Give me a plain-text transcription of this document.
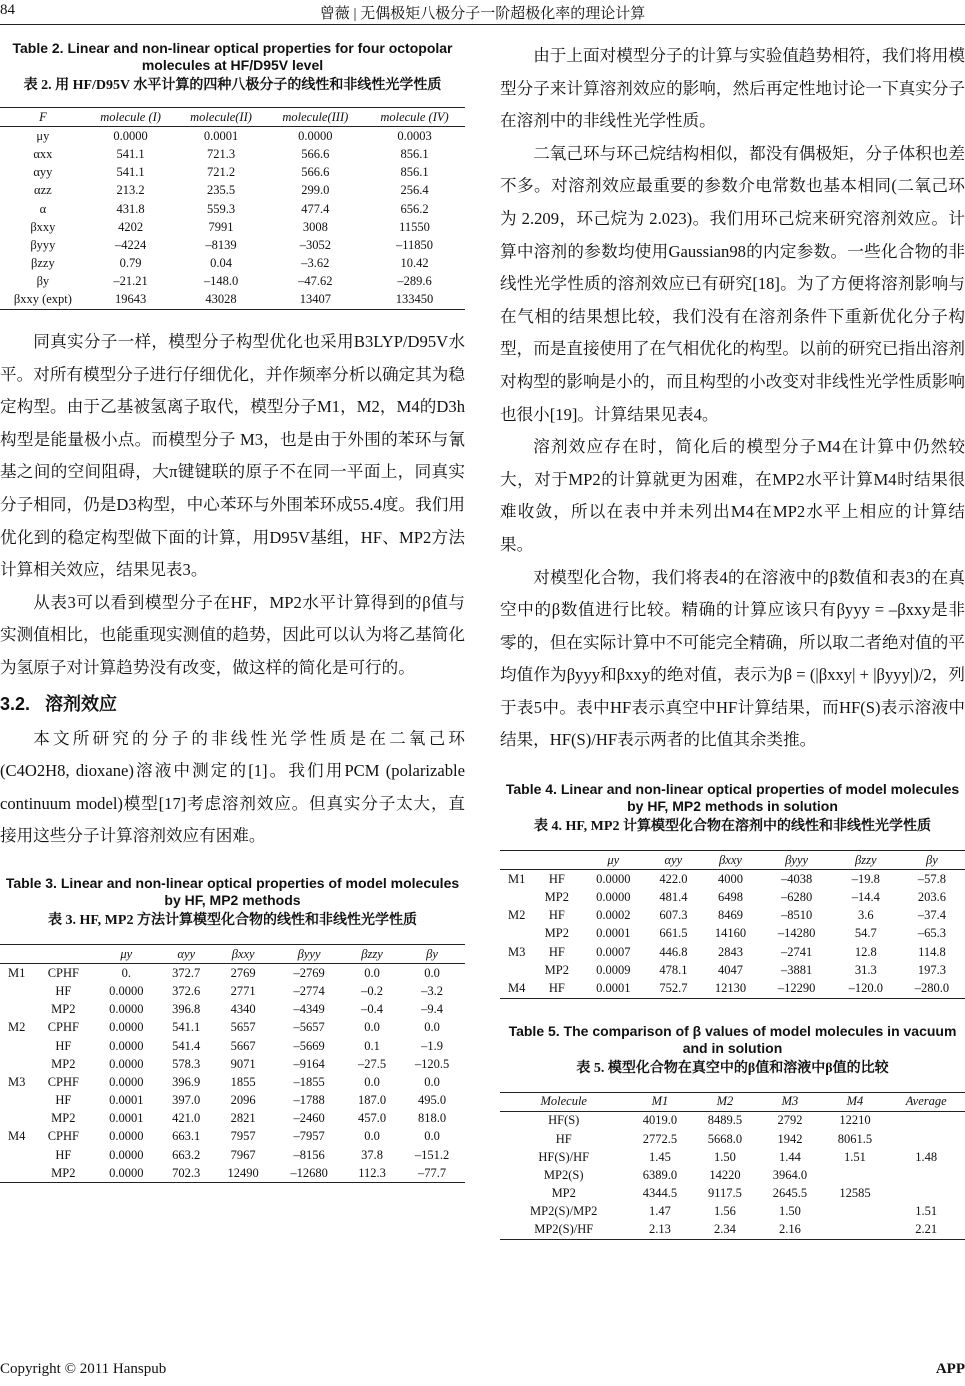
84	曾薇 | 无偶极矩八极分子一阶超极化率的理论计算
Table 2. Linear and non-linear optical properties for four octopolar molecules at HF/D95V level
表 2. 用 HF/D95V 水平计算的四种八极分子的线性和非线性光学性质
F	molecule (I)	molecule(II)	molecule(III)	molecule (IV)
μy	0.0000	0.0001	0.0000	0.0003
αxx	541.1	721.3	566.6	856.1
αyy	541.1	721.2	566.6	856.1
αzz	213.2	235.5	299.0	256.4
α	431.8	559.3	477.4	656.2
βxxy	4202	7991	3008	11550
βyyy	–4224	–8139	–3052	–11850
βzzy	0.79	0.04	–3.62	10.42
βy	–21.21	–148.0	–47.62	–289.6
βxxy (expt)	19643	43028	13407	133450

同真实分子一样，模型分子构型优化也采用B3LYP/D95V水平。对所有模型分子进行仔细优化，并作频率分析以确定其为稳定构型。由于乙基被氢离子取代，模型分子M1，M2，M4的D3h构型是能量极小点。而模型分子 M3，也是由于外围的苯环与氰基之间的空间阻碍，大π键键联的原子不在同一平面上，同真实分子相同，仍是D3构型，中心苯环与外围苯环成55.4度。我们用优化到的稳定构型做下面的计算，用D95V基组，HF、MP2方法计算相关效应，结果见表3。

从表3可以看到模型分子在HF，MP2水平计算得到的β值与实测值相比，也能重现实测值的趋势，因此可以认为将乙基简化为氢原子对计算趋势没有改变，做这样的简化是可行的。

3.2. 溶剂效应

本文所研究的分子的非线性光学性质是在二氧己环(C4O2H8, dioxane)溶液中测定的[1]。我们用PCM (polarizable continuum model)模型[17]考虑溶剂效应。但真实分子太大，直接用这些分子计算溶剂效应有困难。

Table 3. Linear and non-linear optical properties of model molecules by HF, MP2 methods
表 3. HF, MP2 方法计算模型化合物的线性和非线性光学性质
		μy	αyy	βxxy	βyyy	βzzy	βy
M1	CPHF	0.	372.7	2769	–2769	0.0	0.0
	HF	0.0000	372.6	2771	–2774	–0.2	–3.2
	MP2	0.0000	396.8	4340	–4349	–0.4	–9.4
M2	CPHF	0.0000	541.1	5657	–5657	0.0	0.0
	HF	0.0000	541.4	5667	–5669	0.1	–1.9
	MP2	0.0000	578.3	9071	–9164	–27.5	–120.5
M3	CPHF	0.0000	396.9	1855	–1855	0.0	0.0
	HF	0.0001	397.0	2096	–1788	187.0	495.0
	MP2	0.0001	421.0	2821	–2460	457.0	818.0
M4	CPHF	0.0000	663.1	7957	–7957	0.0	0.0
	HF	0.0000	663.2	7967	–8156	37.8	–151.2
	MP2	0.0000	702.3	12490	–12680	112.3	–77.7

由于上面对模型分子的计算与实验值趋势相符，我们将用模型分子来计算溶剂效应的影响，然后再定性地讨论一下真实分子在溶剂中的非线性光学性质。

二氧己环与环己烷结构相似，都没有偶极矩，分子体积也差不多。对溶剂效应最重要的参数介电常数也基本相同(二氧己环为 2.209，环己烷为 2.023)。我们用环己烷来研究溶剂效应。计算中溶剂的参数均使用Gaussian98的内定参数。一些化合物的非线性光学性质的溶剂效应已有研究[18]。为了方便将溶剂影响与在气相的结果想比较，我们没有在溶剂条件下重新优化分子构型，而是直接使用了在气相优化的构型。以前的研究已指出溶剂对构型的影响是小的，而且构型的小改变对非线性光学性质影响也很小[19]。计算结果见表4。

溶剂效应存在时，简化后的模型分子M4在计算中仍然较大，对于MP2的计算就更为困难，在MP2水平计算M4时结果很难收敛，所以在表中并未列出M4在MP2水平上相应的计算结果。

对模型化合物，我们将表4的在溶液中的β数值和表3的在真空中的β数值进行比较。精确的计算应该只有βyyy = –βxxy是非零的，但在实际计算中不可能完全精确，所以取二者绝对值的平均值作为βyyy和βxxy的绝对值，表示为β = (|βxxy| + |βyyy|)/2，列于表5中。表中HF表示真空中HF计算结果，而HF(S)表示溶液中结果，HF(S)/HF表示两者的比值其余类推。

Table 4. Linear and non-linear optical properties of model molecules by HF, MP2 methods in solution
表 4. HF, MP2 计算模型化合物在溶剂中的线性和非线性光学性质
		μy	αyy	βxxy	βyyy	βzzy	βy
M1	HF	0.0000	422.0	4000	–4038	–19.8	–57.8
	MP2	0.0000	481.4	6498	–6280	–14.4	203.6
M2	HF	0.0002	607.3	8469	–8510	3.6	–37.4
	MP2	0.0001	661.5	14160	–14280	54.7	–65.3
M3	HF	0.0007	446.8	2843	–2741	12.8	114.8
	MP2	0.0009	478.1	4047	–3881	31.3	197.3
M4	HF	0.0001	752.7	12130	–12290	–120.0	–280.0
Table 5. The comparison of β values of model molecules in vacuum and in solution
表 5. 模型化合物在真空中的β值和溶液中β值的比较
Molecule	M1	M2	M3	M4	Average
HF(S)	4019.0	8489.5	2792	12210	
HF	2772.5	5668.0	1942	8061.5	
HF(S)/HF	1.45	1.50	1.44	1.51	1.48
MP2(S)	6389.0	14220	3964.0		
MP2	4344.5	9117.5	2645.5	12585	
MP2(S)/MP2	1.47	1.56	1.50		1.51
MP2(S)/HF	2.13	2.34	2.16		2.21
Copyright © 2011 Hanspub	APP
